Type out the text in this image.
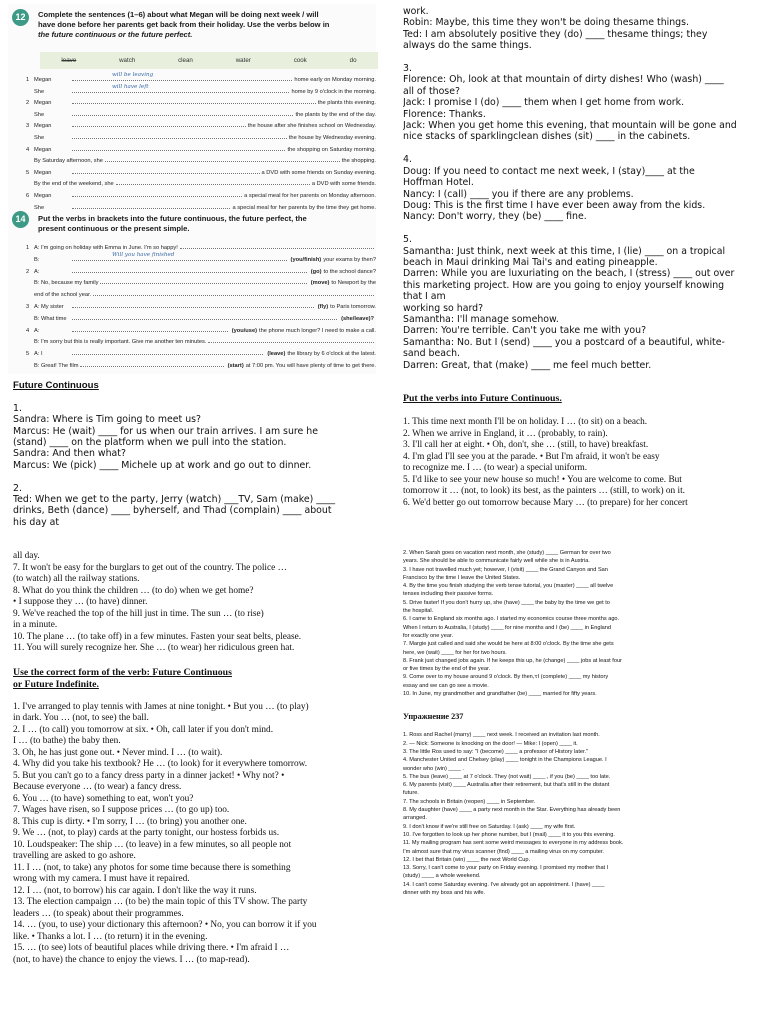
12	Complete the sentences (1–6) about what Megan will be doing next week / will
have done before her parents get back from their holiday. Use the verbs below in
the future continuous or the future perfect.
leave	watch	clean	water	cook	do
1 Megan
will be leaving
home early on Monday morning.
She
will have left
home by 9 o'clock in the morning.
2 Megan	the plants this evening.
She	the plants by the end of the day.
3 Megan	the house after she finishes school on Wednesday.
She	the house by Wednesday evening.
4 Megan	the shopping on Saturday morning.
By Saturday afternoon, she	the shopping.
5 Megan	a DVD with some friends on Sunday evening.
By the end of the weekend, she	a DVD with some friends.
6 Megan	a special meal for her parents on Monday afternoon.
She	a special meal for her parents by the time they get home.
14	Put the verbs in brackets into the future continuous, the future perfect, the
present continuous or the present simple.
1 A: I'm going on holiday with Emma in June. I'm so happy!
B:
Will you have finished
(you/finish) your exams by then?
2 A:	(go) to the school dance?
B: No, because my family	(move) to Newport by the
end of the school year.
3 A: My sister	(fly) to Paris tomorrow.
B: What time	(she/leave)?
4 A:	(you/use) the phone much longer? I need to make a call.
B: I'm sorry but this is really important. Give me another ten minutes.
5 A: I	(leave) the library by 6 o'clock at the latest.
B: Great! The film	(start) at 7:00 pm. You will have plenty of time to get there.
Future Continuous

1.
Sandra: Where is Tim going to meet us?
Marcus: He (wait) ____ for us when our train arrives. I am sure he
(stand) ____ on the platform when we pull into the station.
Sandra: And then what?
Marcus: We (pick) ____ Michele up at work and go out to dinner.

2.
Ted: When we get to the party, Jerry (watch) ___TV, Sam (make) ____
drinks, Beth (dance) ____ byherself, and Thad (complain) ____ about
his day at
work.
Robin: Maybe, this time they won't be doing thesame things.
Ted: I am absolutely positive they (do) ____ thesame things; they
always do the same things.

3.
Florence: Oh, look at that mountain of dirty dishes! Who (wash) ____
all of those?
Jack: I promise I (do) ____ them when I get home from work.
Florence: Thanks.
Jack: When you get home this evening, that mountain will be gone and
nice stacks of sparklingclean dishes (sit) ____ in the cabinets.

4.
Doug: If you need to contact me next week, I (stay)____ at the
Hoffman Hotel.
Nancy: I (call) ____ you if there are any problems.
Doug: This is the first time I have ever been away from the kids.
Nancy: Don't worry, they (be) ____ fine.

5.
Samantha: Just think, next week at this time, I (lie) ____ on a tropical
beach in Maui drinking Mai Tai's and eating pineapple.
Darren: While you are luxuriating on the beach, I (stress) ____ out over
this marketing project. How are you going to enjoy yourself knowing
that I am
working so hard?
Samantha: I'll manage somehow.
Darren: You're terrible. Can't you take me with you?
Samantha: No. But I (send) ____ you a postcard of a beautiful, white-
sand beach.
Darren: Great, that (make) ____ me feel much better.
Put the verbs into Future Continuous.
1. This time next month I'll be on holiday. I … (to sit) on a beach.
2. When we arrive in England, it … (probably, to rain).
3. I'll call her at eight. • Oh, don't, she … (still, to have) breakfast.
4. I'm glad I'll see you at the parade. • But I'm afraid, it won't be easy
to recognize me. I … (to wear) a special uniform.
5. I'd like to see your new house so much! • You are welcome to come. But
tomorrow it … (not, to look) its best, as the painters … (still, to work) on it.
6. We'd better go out tomorrow because Mary … (to prepare) for her concert
all day.
7. It won't be easy for the burglars to get out of the country. The police …
(to watch) all the railway stations.
8. What do you think the children … (to do) when we get home?
• I suppose they … (to have) dinner.
9. We've reached the top of the hill just in time. The sun … (to rise)
in a minute.
10. The plane … (to take off) in a few minutes. Fasten your seat belts, please.
11. You will surely recognize her. She … (to wear) her ridiculous green hat.
Use the correct form of the verb: Future Continuous
or Future Indefinite.
1. I've arranged to play tennis with James at nine tonight. • But you … (to play)
in dark. You … (not, to see) the ball.
2. I … (to call) you tomorrow at six. • Oh, call later if you don't mind.
I … (to bathe) the baby then.
3. Oh, he has just gone out. • Never mind. I … (to wait).
4. Why did you take his textbook? He … (to look) for it everywhere tomorrow.
5. But you can't go to a fancy dress party in a dinner jacket! • Why not? •
Because everyone … (to wear) a fancy dress.
6. You … (to have) something to eat, won't you?
7. Wages have risen, so I suppose prices … (to go up) too.
8. This cup is dirty. • I'm sorry, I … (to bring) you another one.
9. We … (not, to play) cards at the party tonight, our hostess forbids us.
10. Loudspeaker: The ship … (to leave) in a few minutes, so all people not
travelling are asked to go ashore.
11. I … (not, to take) any photos for some time because there is something
wrong with my camera. I must have it repaired.
12. I … (not, to borrow) his car again. I don't like the way it runs.
13. The election campaign … (to be) the main topic of this TV show. The party
leaders … (to speak) about their programmes.
14. … (you, to use) your dictionary this afternoon? • No, you can borrow it if you
like. • Thanks a lot. I … (to return) it in the evening.
15. … (to see) lots of beautiful places while driving there. • I'm afraid I …
(not, to have) the chance to enjoy the views. I … (to map-read).
2. When Sarah goes on vacation next month, she (study) ____ German for over two
years. She should be able to communicate fairly well while she is in Austria.
3. I have not travelled much yet; however, I (visit) ____ the Grand Canyon and San
Francisco by the time I leave the United States.
4. By the time you finish studying the verb tense tutorial, you (master) ____ all twelve
tenses including their passive forms.
5. Drive faster! If you don't hurry up, she (have) ____ the baby by the time we get to
the hospital.
6. I came to England six months ago. I started my economics course three months ago.
When I return to Australia, I (study) ____ for nine months and I (be) ____ in England
for exactly one year.
7. Margie just called and said she would be here at 8:00 o'clock. By the time she gets
here, we (wait) ____ for her for two hours.
8. Frank just changed jobs again. If he keeps this up, he (change) ____ jobs at least four
or five times by the end of the year.
9. Come over to my house around 9 o'clock. By then,ꚍI (complete) ____ my history
essay and we can go see a movie.
10. In June, my grandmother and grandfather (be) ____ married for fifty years.
Упражнение 237
1. Ross and Rachel (marry) ____ next week. I received an invitation last month.
2. — Nick: Someone is knocking on the door! — Mike: I (open) ____ it.
3. The little Ros used to say: "I (become) ____ a professor of History later."
4. Manchester United and Chelsey (play) ____ tonight in the Champions League. I
wonder who (win) ____ .
5. The bus (leave) ____ at 7 o'clock. They (not wait) ____ , if you (be) ____ too late.
6. My parents (visit) ____ Australia after their retirement, but that's still in the distant
future.
7. The schools in Britain (reopen) ____ in September.
8. My daughter (have) ____ a party next month in the Star. Everything has already been
arranged.
9. I don't know if we're still free on Saturday. I (ask) ____ my wife first.
10. I've forgotten to look up her phone number, but I (mail) ____ it to you this evening.
11. My mailing program has sent some weird messages to everyone in my address book.
I'm almost sure that my virus scanner (find) ____ a mailing virus on my computer.
12. I bet that Britain (win) ____ the next World Cup.
13. Sorry, I can't come to your party on Friday evening. I promised my mother that I
(study) ____ a whole weekend.
14. I can't come Saturday evening. I've already got an appointment. I (have) ____
dinner with my boss and his wife.
